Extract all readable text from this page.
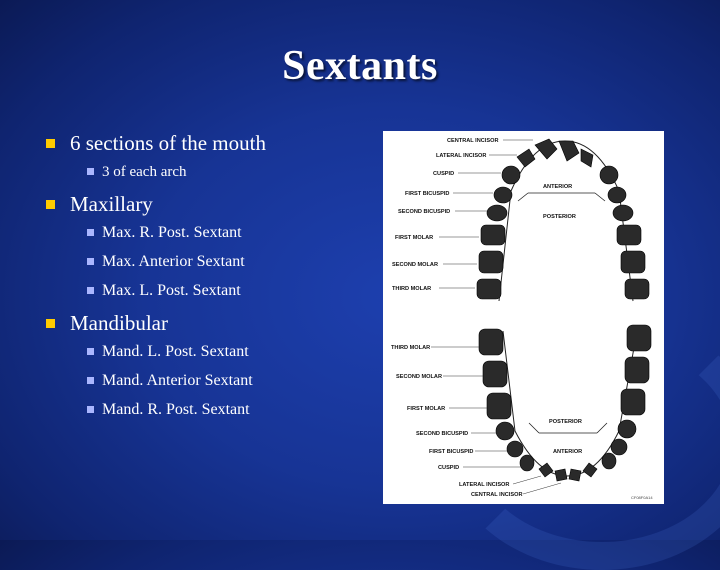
Sextants
6 sections of the mouth
3 of each arch
Maxillary
Max. R. Post. Sextant
Max. Anterior Sextant
Max. L. Post. Sextant
Mandibular
Mand. L. Post. Sextant
Mand. Anterior Sextant
Mand. R. Post. Sextant
ANTERIOR
POSTERIOR
CENTRAL INCISOR
LATERAL INCISOR
CUSPID
FIRST BICUSPID
SECOND BICUSPID
FIRST MOLAR
SECOND MOLAR
THIRD MOLAR
POSTERIOR
ANTERIOR
THIRD MOLAR
SECOND MOLAR
FIRST MOLAR
SECOND BICUSPID
FIRST BICUSPID
CUSPID
LATERAL INCISOR
CENTRAL INCISOR	CF08F0A14
